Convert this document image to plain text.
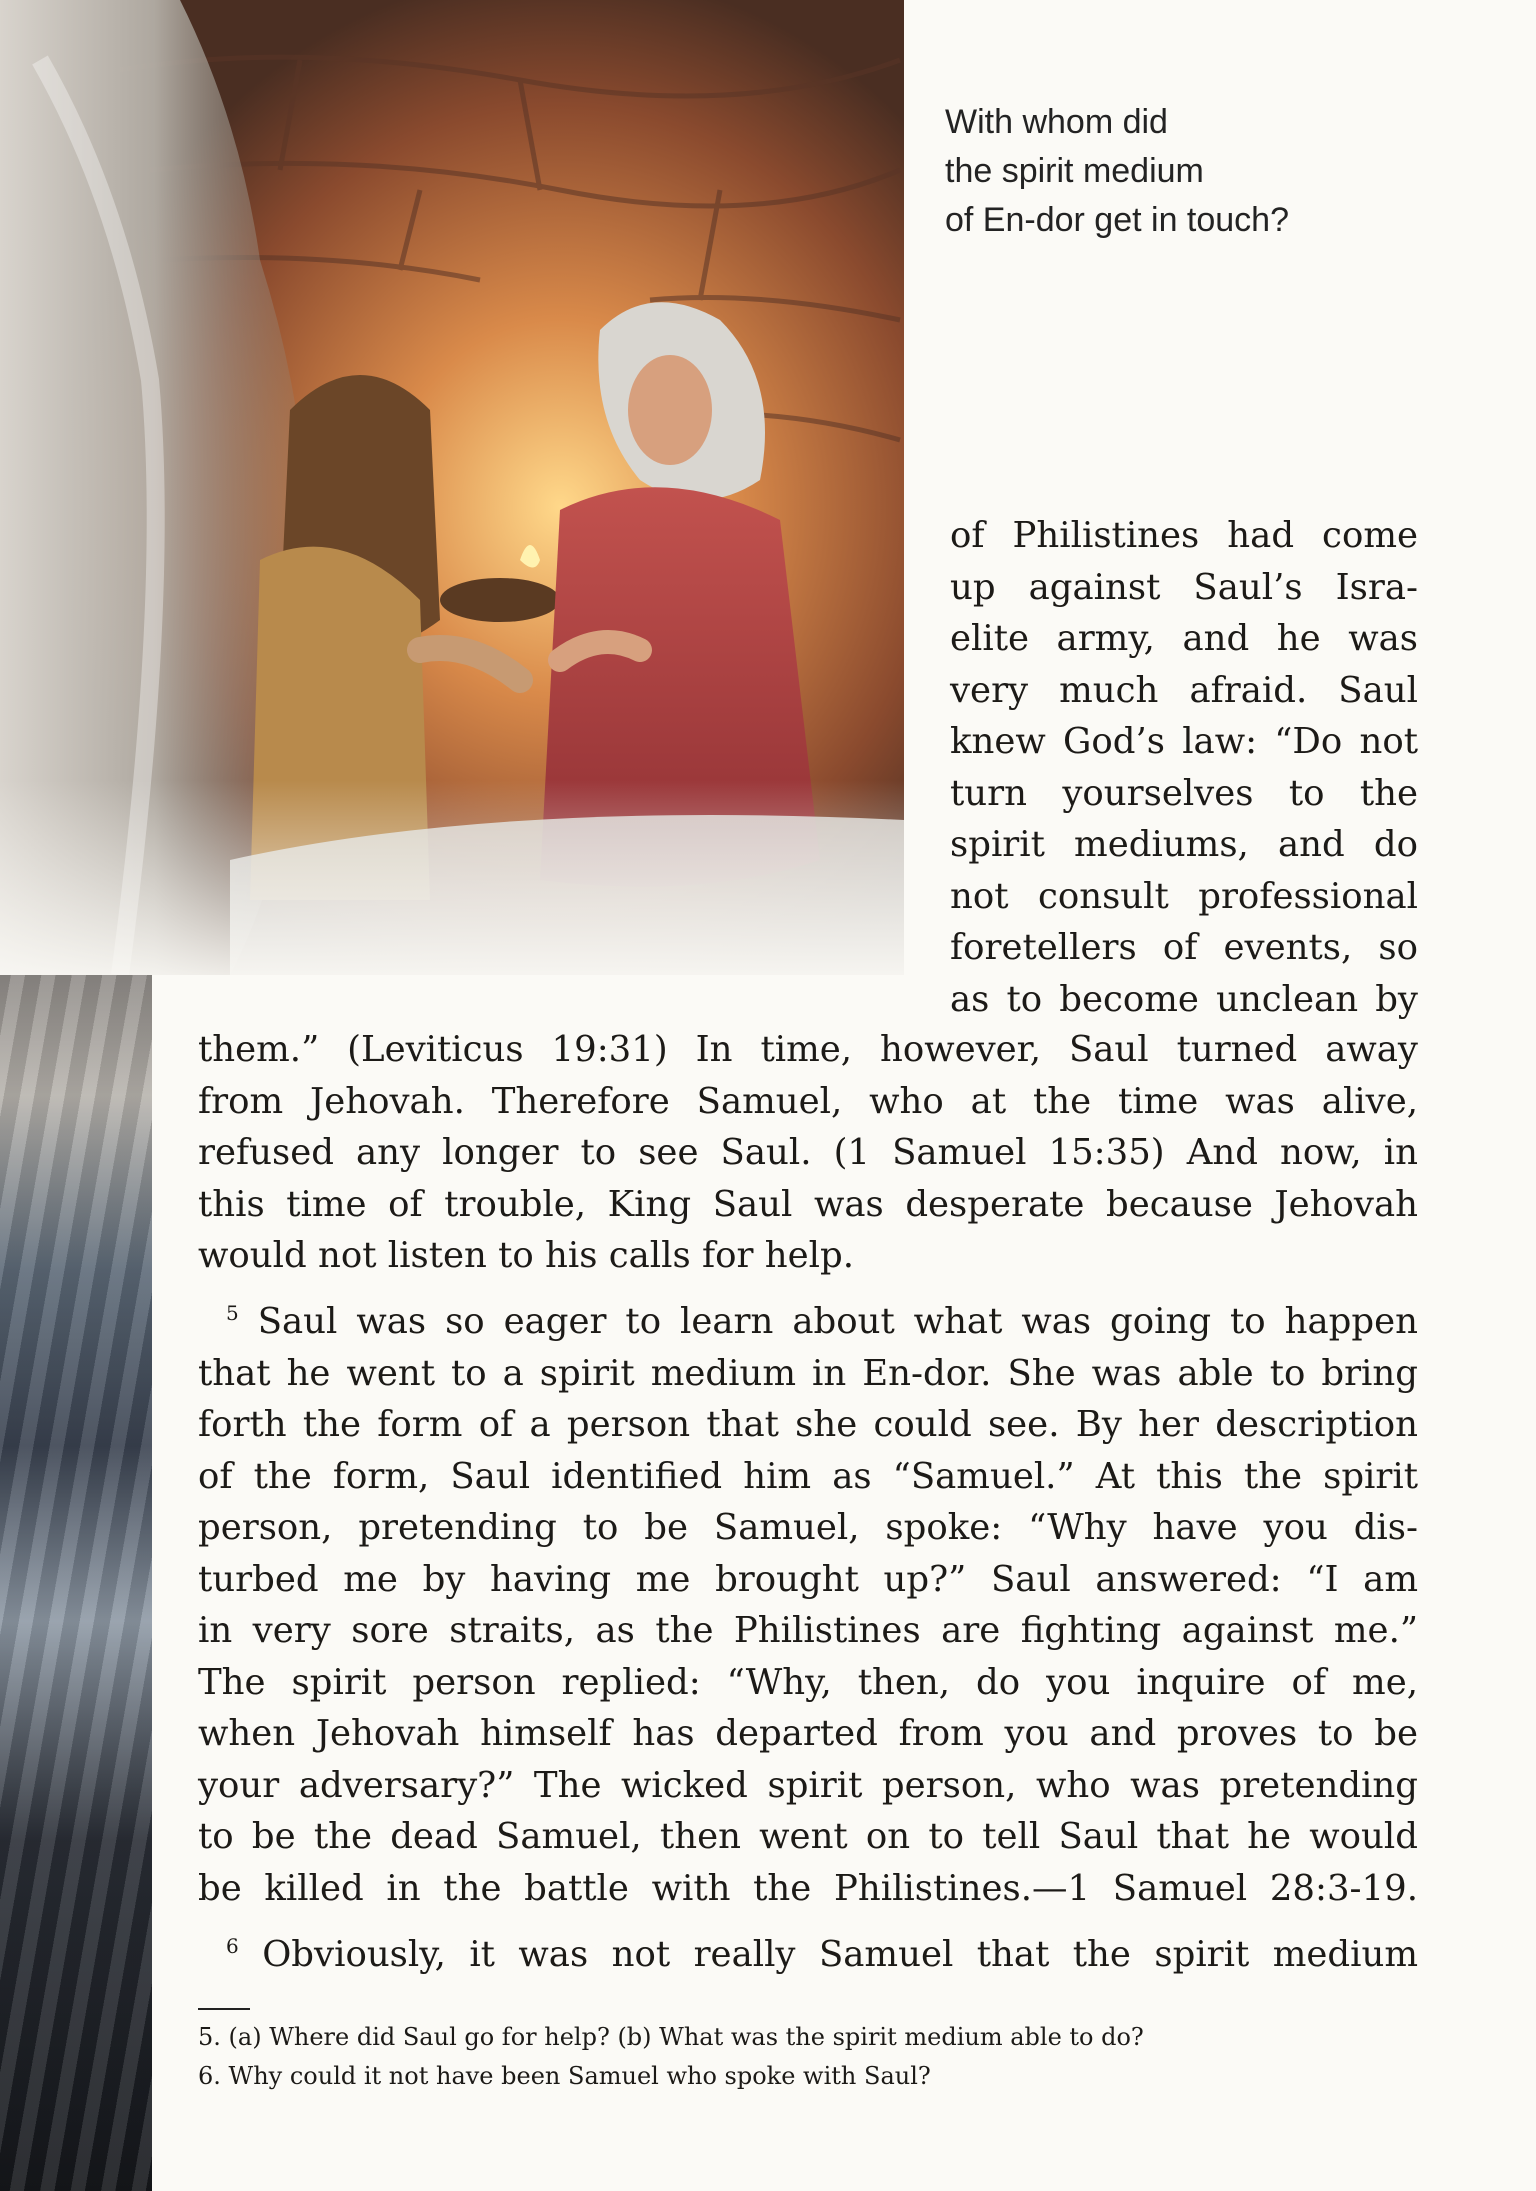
With whom did
the spirit medium
of En-dor get in touch?
of Philistines had come
up against Saul’s Isra-
elite army, and he was
very much afraid. Saul
knew God’s law: “Do not
turn yourselves to the
spirit mediums, and do
not consult professional
foretellers of events, so
as to become unclean by
them.” (Leviticus 19:31) In time, however, Saul turned away
from Jehovah. Therefore Samuel, who at the time was alive,
refused any longer to see Saul. (1 Samuel 15:35) And now, in
this time of trouble, King Saul was desperate because Jehovah
would not listen to his calls for help.
$^5$ Saul was so eager to learn about what was going to happen
that he went to a spirit medium in En-dor. She was able to bring
forth the form of a person that she could see. By her description
of the form, Saul identified him as “Samuel.” At this the spirit
person, pretending to be Samuel, spoke: “Why have you dis-
turbed me by having me brought up?” Saul answered: “I am
in very sore straits, as the Philistines are fighting against me.”
The spirit person replied: “Why, then, do you inquire of me,
when Jehovah himself has departed from you and proves to be
your adversary?” The wicked spirit person, who was pretending
to be the dead Samuel, then went on to tell Saul that he would
be killed in the battle with the Philistines.—1 Samuel 28:3-19.
$^6$ Obviously, it was not really Samuel that the spirit medium
5. (a) Where did Saul go for help? (b) What was the spirit medium able to do?
6. Why could it not have been Samuel who spoke with Saul?
